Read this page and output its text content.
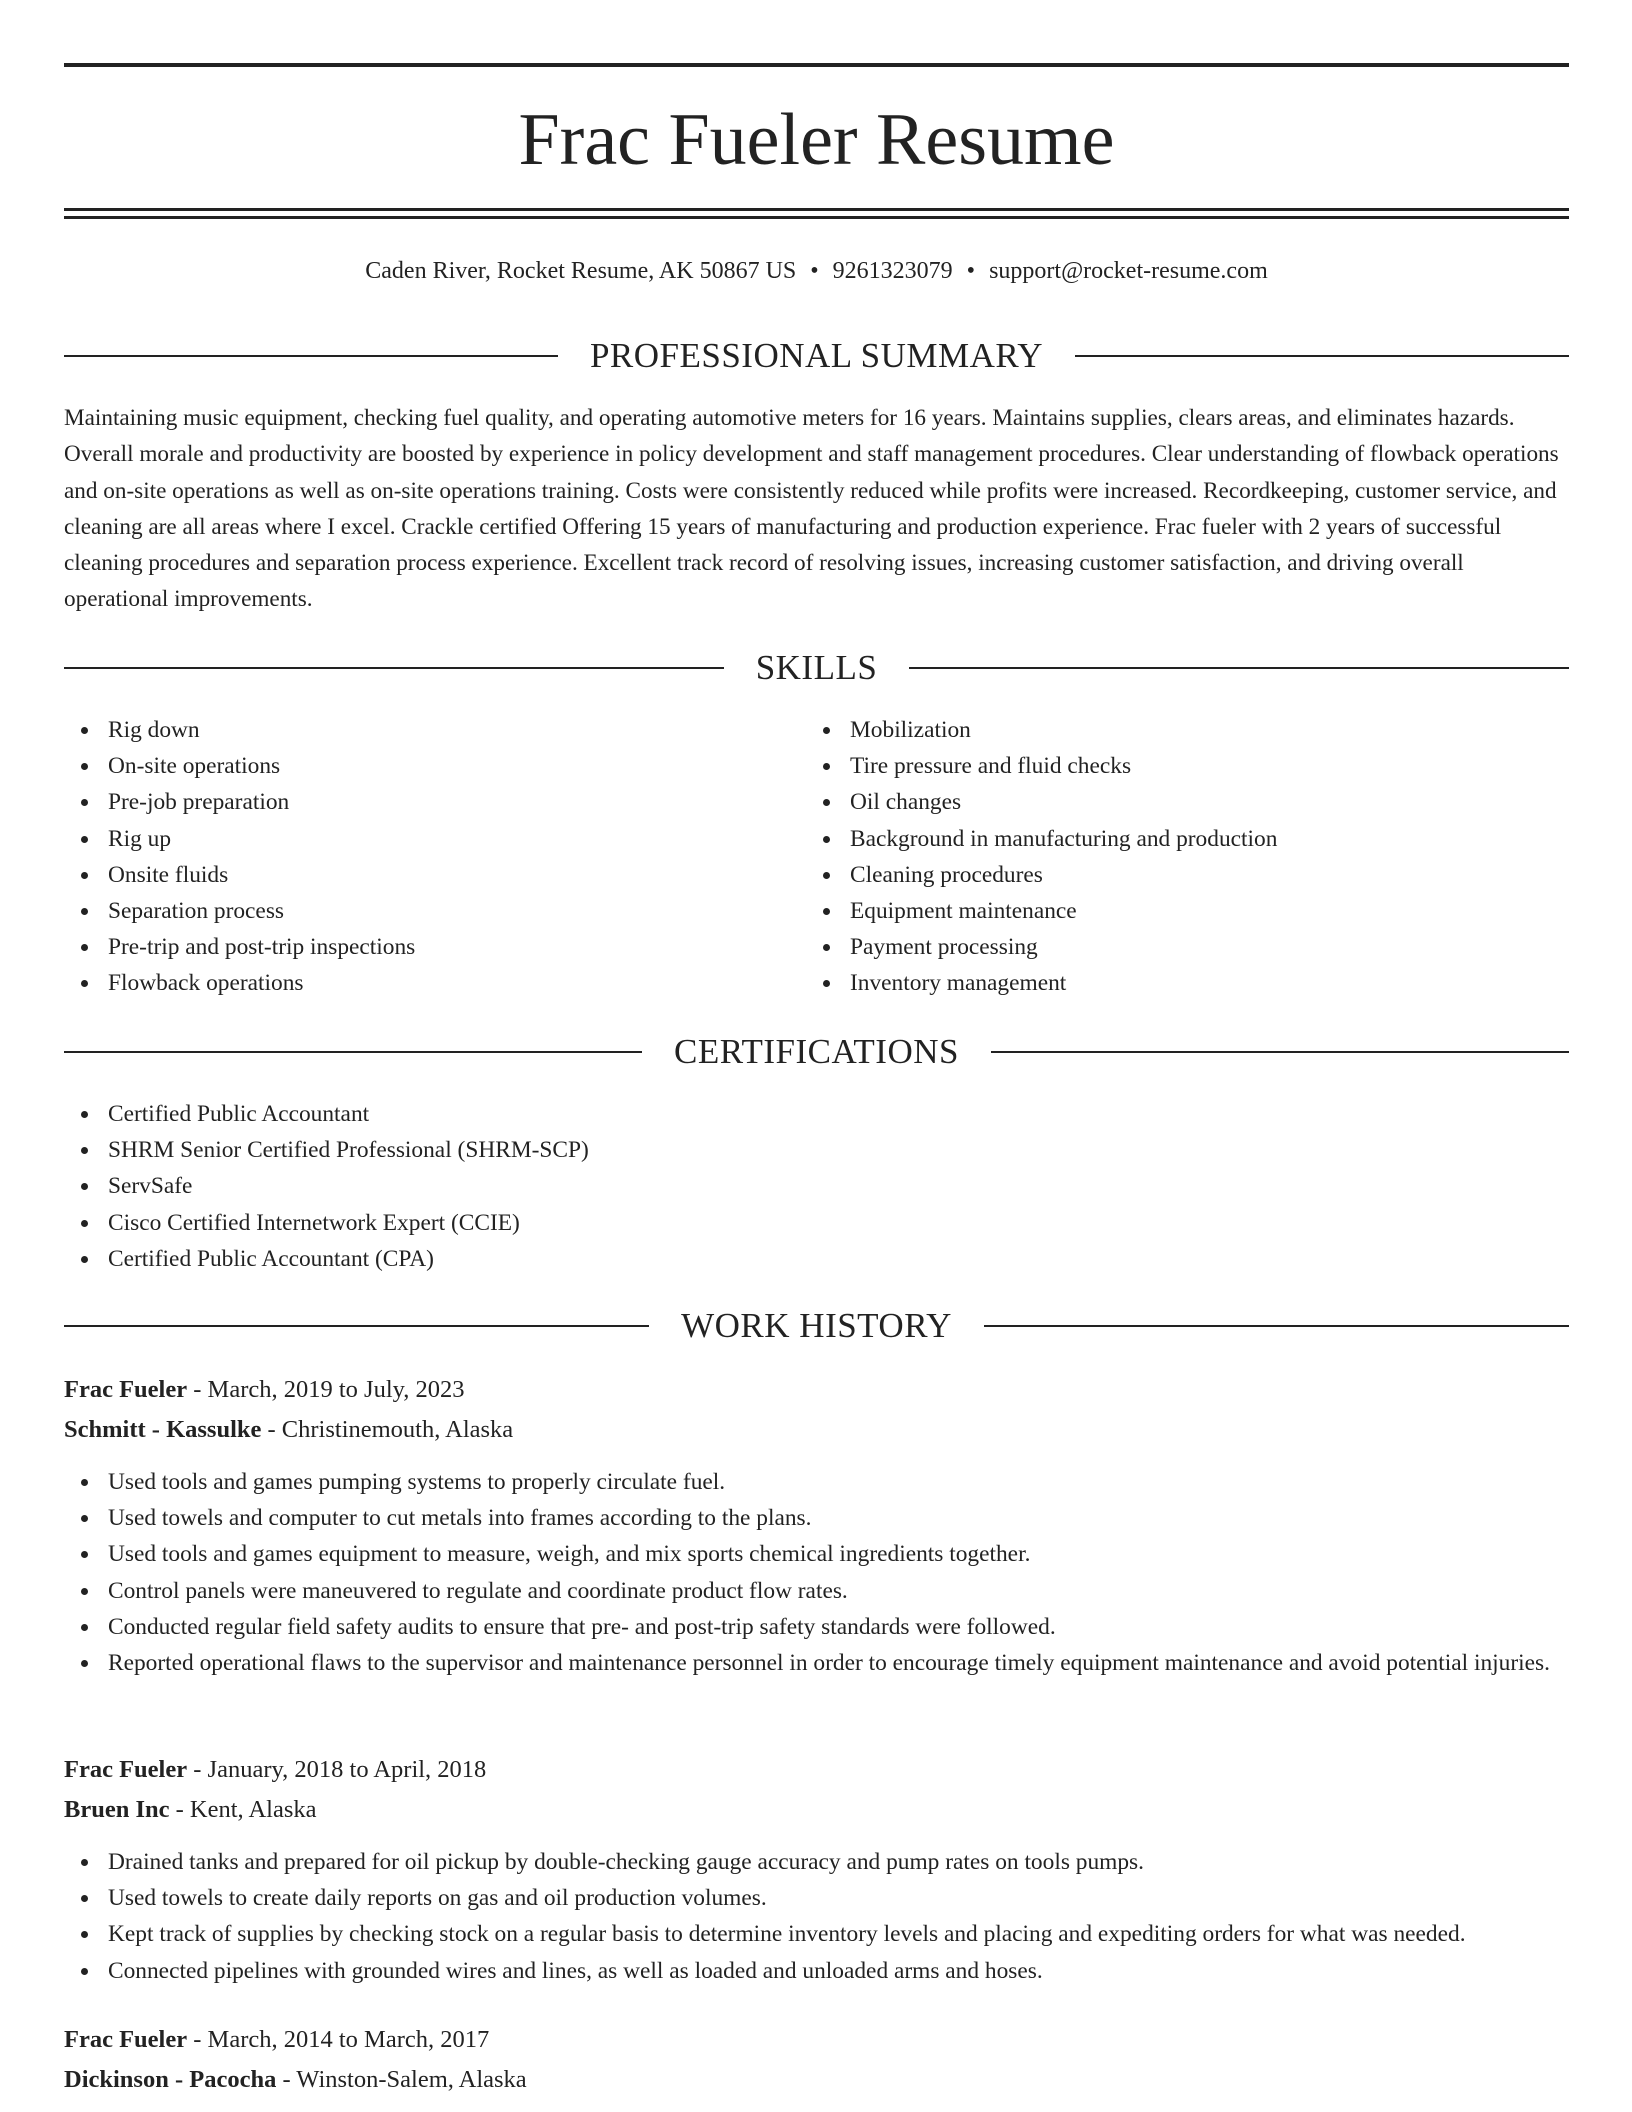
Frac Fueler Resume
Caden River, Rocket Resume, AK 50867 US • 9261323079 • support@rocket-resume.com
PROFESSIONAL SUMMARY

Maintaining music equipment, checking fuel quality, and operating automotive meters for 16 years. Maintains supplies, clears areas, and eliminates hazards. Overall morale and productivity are boosted by experience in policy development and staff management procedures. Clear understanding of flowback operations and on-site operations as well as on-site operations training. Costs were consistently reduced while profits were increased. Recordkeeping, customer service, and cleaning are all areas where I excel. Crackle certified Offering 15 years of manufacturing and production experience. Frac fueler with 2 years of successful cleaning procedures and separation process experience. Excellent track record of resolving issues, increasing customer satisfaction, and driving overall operational improvements.

SKILLS
Rig down
On-site operations
Pre-job preparation
Rig up
Onsite fluids
Separation process
Pre-trip and post-trip inspections
Flowback operations
Mobilization
Tire pressure and fluid checks
Oil changes
Background in manufacturing and production
Cleaning procedures
Equipment maintenance
Payment processing
Inventory management
CERTIFICATIONS
Certified Public Accountant
SHRM Senior Certified Professional (SHRM-SCP)
ServSafe
Cisco Certified Internetwork Expert (CCIE)
Certified Public Accountant (CPA)
WORK HISTORY
Frac Fueler - March, 2019 to July, 2023
Schmitt - Kassulke - Christinemouth, Alaska
Used tools and games pumping systems to properly circulate fuel.
Used towels and computer to cut metals into frames according to the plans.
Used tools and games equipment to measure, weigh, and mix sports chemical ingredients together.
Control panels were maneuvered to regulate and coordinate product flow rates.
Conducted regular field safety audits to ensure that pre- and post-trip safety standards were followed.
Reported operational flaws to the supervisor and maintenance personnel in order to encourage timely equipment maintenance and avoid potential injuries.
Frac Fueler - January, 2018 to April, 2018
Bruen Inc - Kent, Alaska
Drained tanks and prepared for oil pickup by double-checking gauge accuracy and pump rates on tools pumps.
Used towels to create daily reports on gas and oil production volumes.
Kept track of supplies by checking stock on a regular basis to determine inventory levels and placing and expediting orders for what was needed.
Connected pipelines with grounded wires and lines, as well as loaded and unloaded arms and hoses.
Frac Fueler - March, 2014 to March, 2017
Dickinson - Pacocha - Winston-Salem, Alaska
